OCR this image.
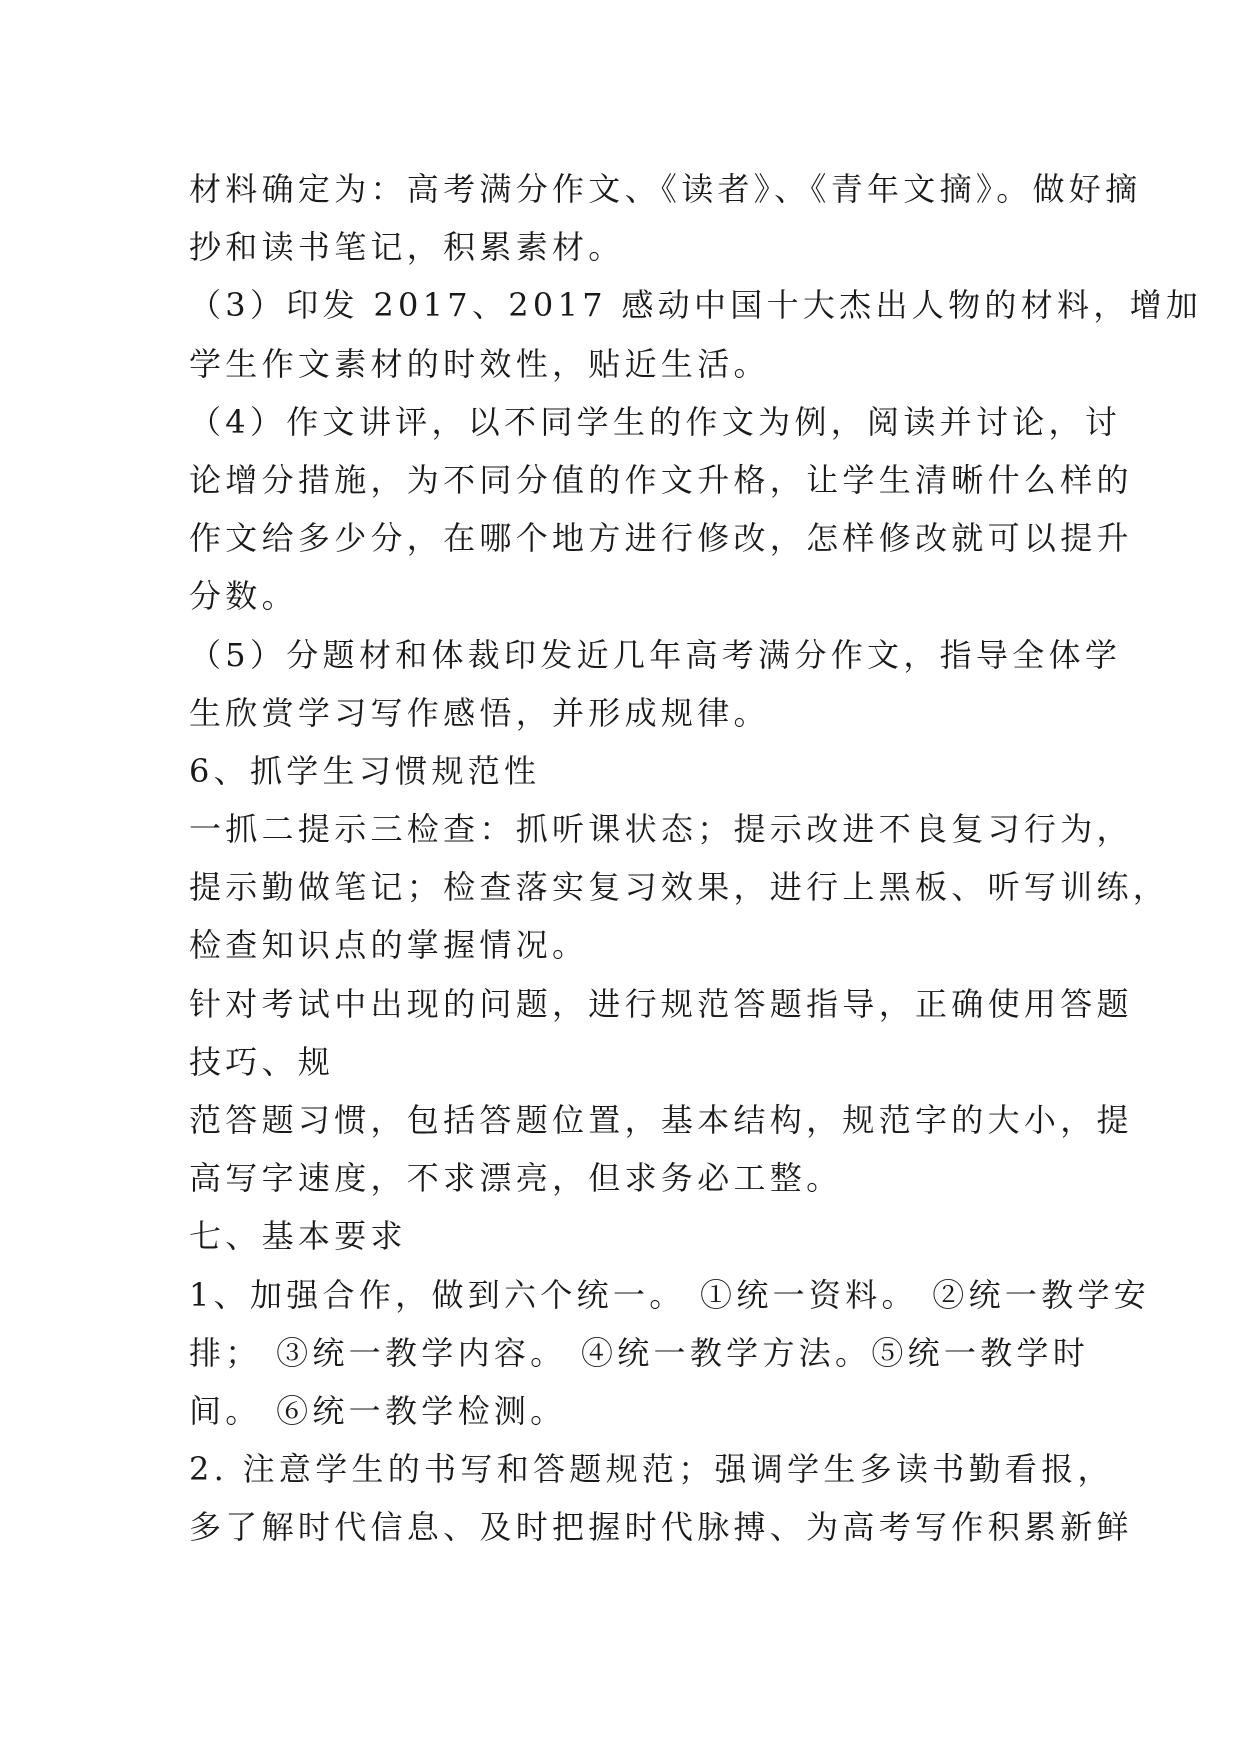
材料确定为：高考满分作文、《读者》、《青年文摘》。做好摘
抄和读书笔记，积累素材。
（3）印发 2017、2017 感动中国十大杰出人物的材料，增加
学生作文素材的时效性，贴近生活。
（4）作文讲评，以不同学生的作文为例，阅读并讨论，讨
论增分措施，为不同分值的作文升格，让学生清晰什么样的
作文给多少分，在哪个地方进行修改，怎样修改就可以提升
分数。
（5）分题材和体裁印发近几年高考满分作文，指导全体学
生欣赏学习写作感悟，并形成规律。
6、抓学生习惯规范性
一抓二提示三检查：抓听课状态；提示改进不良复习行为，
提示勤做笔记；检查落实复习效果，进行上黑板、听写训练，
检查知识点的掌握情况。
针对考试中出现的问题，进行规范答题指导，正确使用答题
技巧、规
范答题习惯，包括答题位置，基本结构，规范字的大小，提
高写字速度，不求漂亮，但求务必工整。
七、基本要求
1、加强合作，做到六个统一。 ①统一资料。 ②统一教学安
排； ③统一教学内容。 ④统一教学方法。⑤统一教学时
间。 ⑥统一教学检测。
2. 注意学生的书写和答题规范；强调学生多读书勤看报，
多了解时代信息、及时把握时代脉搏、为高考写作积累新鲜
